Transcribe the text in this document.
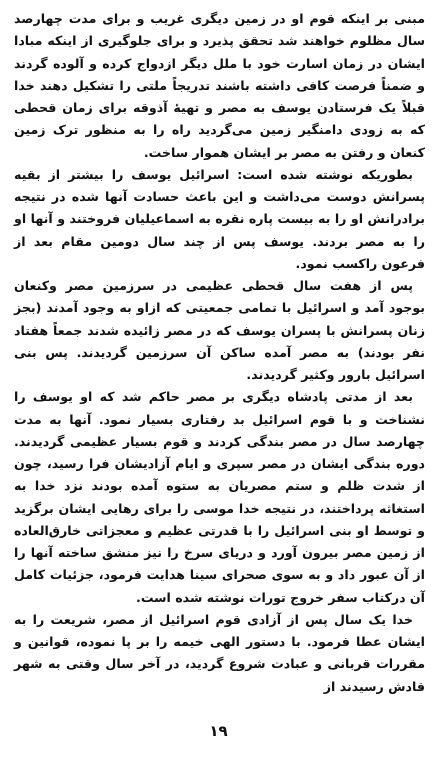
مبنی بر اینکه قوم او در زمین دیگری غریب و برای مدت چهارصد سال مظلوم خواهند شد تحقق پذیرد و برای جلوگیری از اینکه مبادا ایشان در زمان اسارت خود با ملل دیگر ازدواج کرده و آلوده گردند و ضمناً فرصت کافی داشته باشند تدریجاً ملتی را تشکیل دهند خدا قبلاً یک فرستادن یوسف به مصر و تهیهٔ آذوقه برای زمان قحطی که به زودی دامنگیر زمین می‌گردید راه را به منظور ترک زمین کنعان و رفتن به مصر بر ایشان هموار ساخت.

بطوریکه نوشته شده است: اسرائیل یوسف را بیشتر از بقیه پسرانش دوست می‌داشت و این باعث حسادت آنها شده در نتیجه برادرانش او را به بیست پاره نقره به اسماعیلیان فروختند و آنها او را به مصر بردند. یوسف پس از چند سال دومین مقام بعد از فرعون راکسب نمود.

پس از هفت سال قحطی عظیمی در سرزمین مصر وکنعان بوجود آمد و اسرائیل با تمامی جمعیتی که ازاو به وجود آمدند (بجز زنان پسرانش با پسران یوسف که در مصر زائیده شدند جمعاً هفتاد نفر بودند) به مصر آمده ساکن آن سرزمین گردیدند. پس بنی اسرائیل بارور وکثیر گردیدند.

بعد از مدتی پادشاه دیگری بر مصر حاکم شد که او یوسف را نشناخت و با قوم اسرائیل بد رفتاری بسیار نمود. آنها به مدت چهارصد سال در مصر بندگی کردند و قوم بسیار عظیمی گردیدند. دوره بندگی ایشان در مصر سپری و ایام آزادیشان فرا رسید، چون از شدت ظلم و ستم مصریان به ستوه آمده بودند نزد خدا به استغاثه پرداختند، در نتیجه خدا موسی را برای رهایی ایشان برگزید و توسط او بنی اسرائیل را با قدرتی عظیم و معجزاتی خارق‌العاده از زمین مصر بیرون آورد و دریای سرخ را نیز منشق ساخته آنها را از آن عبور داد و به سوی صحرای سینا هدایت فرمود، جزئیات کامل آن درکتاب سفر خروج تورات نوشته شده است.

خدا یک سال پس از آزادی قوم اسرائیل از مصر، شریعت را به ایشان عطا فرمود. با دستور الهی خیمه را بر پا نموده، قوانین و مقررات قربانی و عبادت شروع گردید، در آخر سال وقتی به شهر قادش رسیدند از

۱۹
